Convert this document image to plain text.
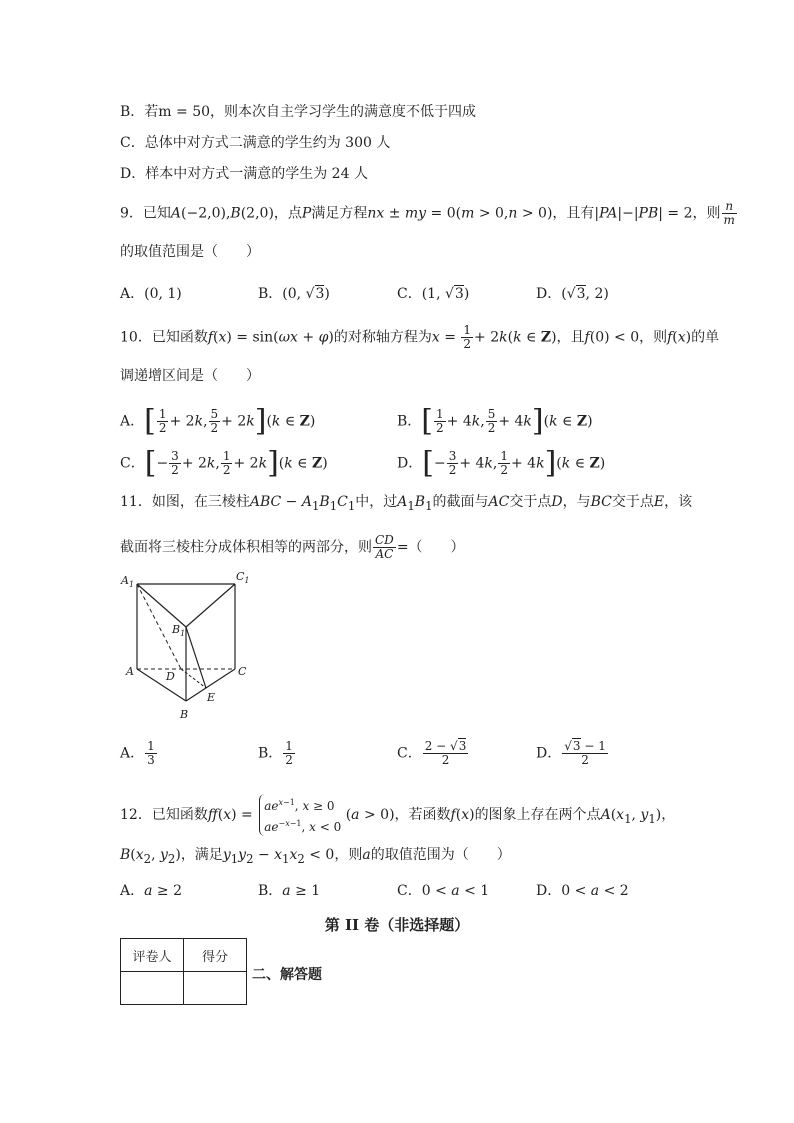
B．若m = 50，则本次自主学习学生的满意度不低于四成
C．总体中对方式二满意的学生约为 300 人
D．样本中对方式一满意的学生为 24 人
9．已知A(−2,0),B(2,0)，点P满足方程nx ± my = 0(m > 0,n > 0)，且有|PA|−|PB| = 2，则 $\frac{n}{m}$
的取值范围是（　　）
A．(0, 1)	B．(0, √3)	C．(1, √3)	D．(√3, 2)
10．已知函数f(x) = sin(ωx + φ)的对称轴方程为$x = \frac{1}{2} + 2k(k$ ∈ Z)，且f(0) < 0，则f(x)的单
调递增区间是（　　）
A．[ $\frac{1}{2} + 2k$, $\frac{5}{2} + 2k](k$ ∈ Z)	B．[ $\frac{1}{2} + 4k$, $\frac{5}{2} + 4k](k$ ∈ Z)
C．[− $\frac{3}{2} + 2k$, $\frac{1}{2} + 2k](k$ ∈ Z)	D．[− $\frac{3}{2} + 4k$, $\frac{1}{2} + 4k](k$ ∈ Z)
11．如图，在三棱柱ABC − $A_1B_1C_1$中，过$A_1B_1$的截面与AC交于点D，与BC交于点E，该
截面将三棱柱分成体积相等的两部分，则 $\frac{CD}{AC}$ =（　　）
$A_1$
$C_1$
$B_1$
A	C
D
E
B
A． $\frac{1}{3}$	B． $\frac{1}{2}$	C． $\frac{2 - √3}{2}$	D． $\frac{√3 - 1}{2}$
12．已知函数ff(x) =
$ae^{x-1}$, x ≥ 0
$ae^{-x-1}$, x < 0
(a > 0)，若函数f(x)的图象上存在两个点$A(x_1$, $y_1$)，
$B(x_2$, $y_2$)，满足$y_1y_2 - x_1x_2 < 0$，则a的取值范围为（　　）
A．a ≥ 2	B．a ≥ 1	C．0 < a < 1	D．0 < a < 2
第 II 卷（非选择题）
评卷人	得分

二、解答题
